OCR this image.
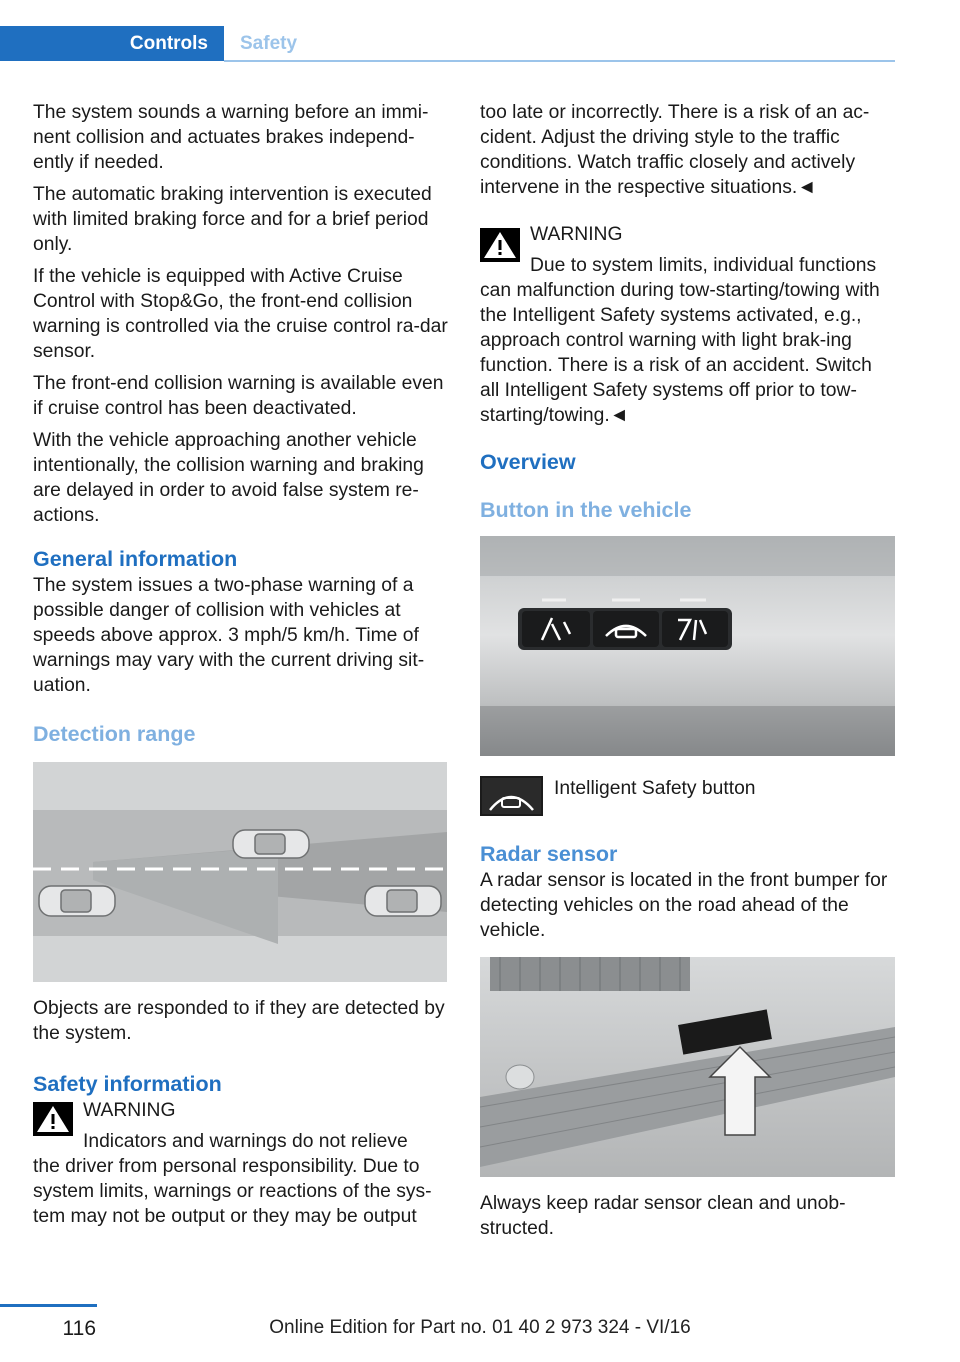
Controls	Safety

The system sounds a warning before an immi-nent collision and actuates brakes independ-ently if needed.

The automatic braking intervention is executed with limited braking force and for a brief period only.

If the vehicle is equipped with Active Cruise Control with Stop&Go, the front-end collision warning is controlled via the cruise control ra-dar sensor.

The front-end collision warning is available even if cruise control has been deactivated.

With the vehicle approaching another vehicle intentionally, the collision warning and braking are delayed in order to avoid false system re-actions.

General information

The system issues a two-phase warning of a possible danger of collision with vehicles at speeds above approx. 3 mph/5 km/h. Time of warnings may vary with the current driving sit-uation.

Detection range

Objects are responded to if they are detected by the system.

Safety information
WARNING

Indicators and warnings do not relieve

the driver from personal responsibility. Due to system limits, warnings or reactions of the sys-tem may not be output or they may be output

too late or incorrectly. There is a risk of an ac-cident. Adjust the driving style to the traffic conditions. Watch traffic closely and actively intervene in the respective situations.◄

WARNING

Due to system limits, individual functions

can malfunction during tow-starting/towing with the Intelligent Safety systems activated, e.g., approach control warning with light brak-ing function. There is a risk of an accident. Switch all Intelligent Safety systems off prior to tow-starting/towing.◄

Overview
Button in the vehicle

Intelligent Safety button

Radar sensor

A radar sensor is located in the front bumper for detecting vehicles on the road ahead of the vehicle.

Always keep radar sensor clean and unob-structed.

116	Online Edition for Part no. 01 40 2 973 324 - VI/16
